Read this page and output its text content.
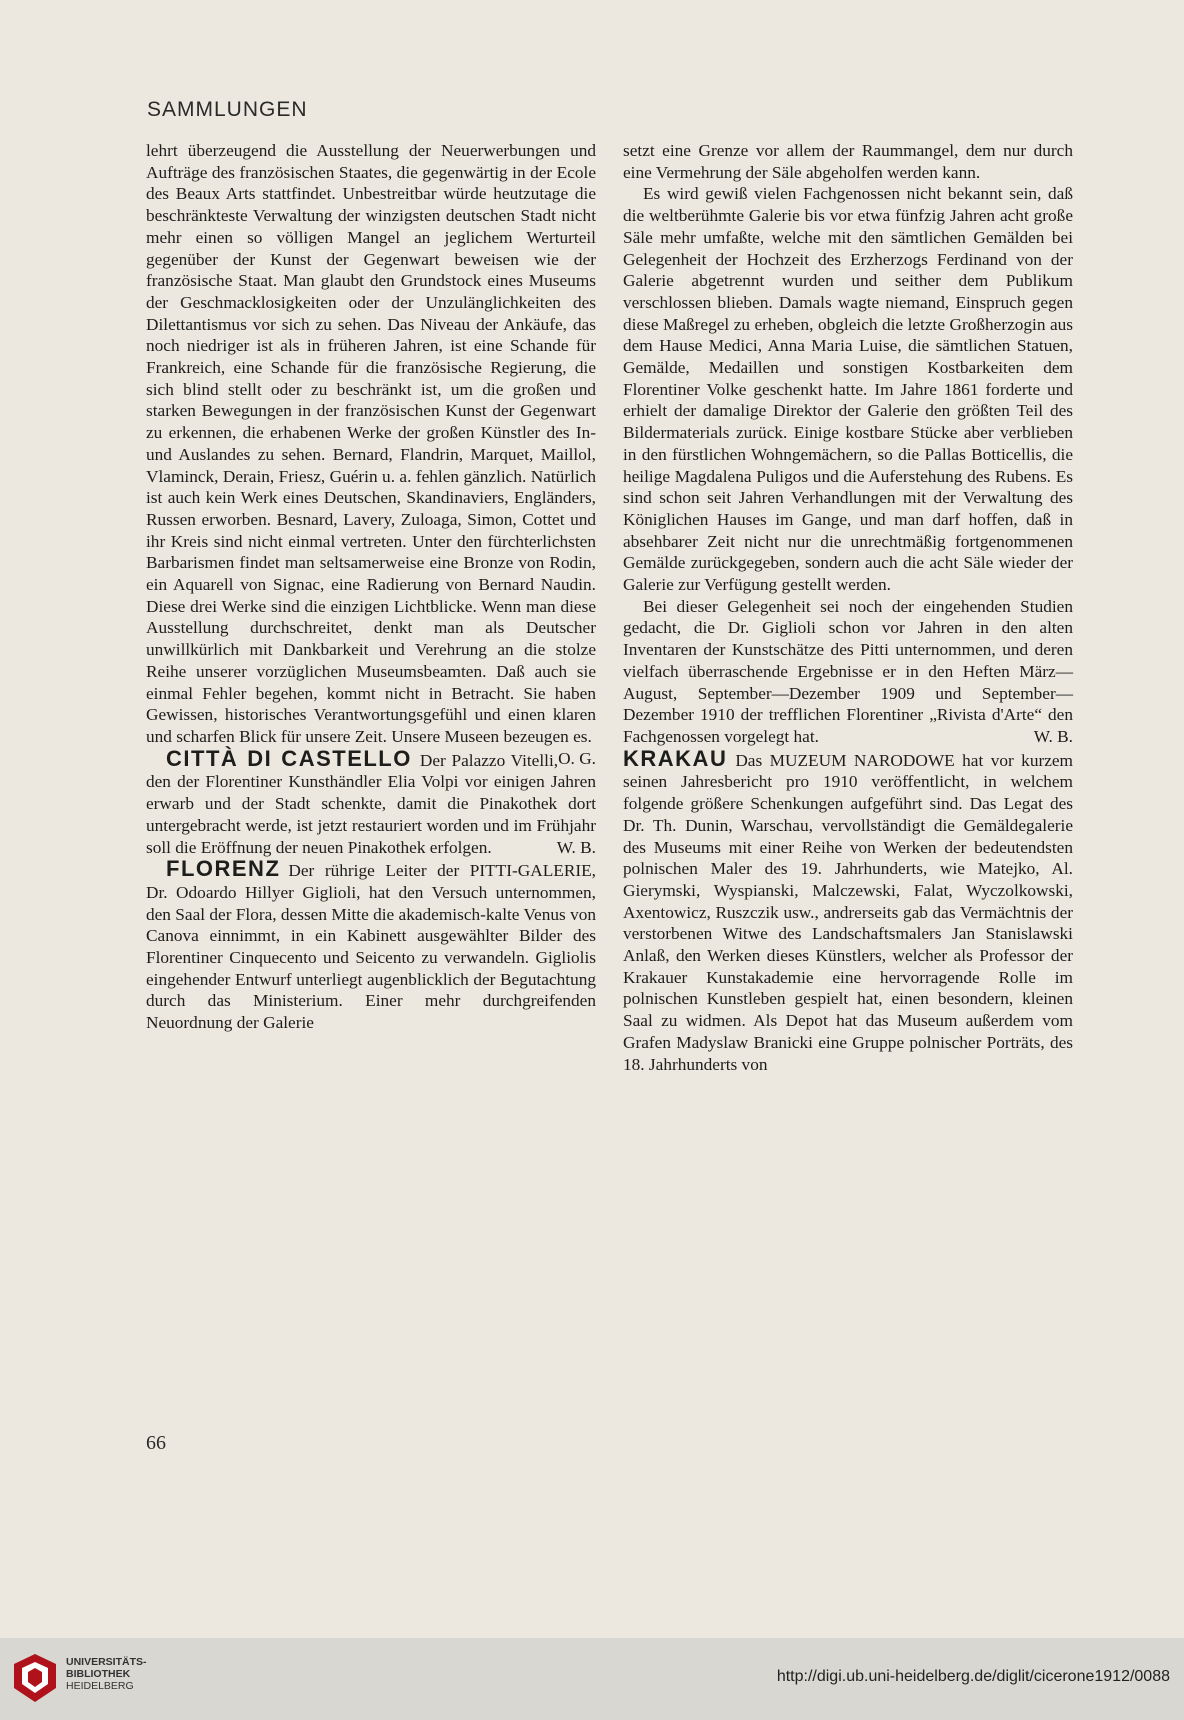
SAMMLUNGEN

lehrt überzeugend die Ausstellung der Neuerwerbungen und Aufträge des französischen Staates, die gegenwärtig in der Ecole des Beaux Arts stattfindet. Unbestreitbar würde heutzutage die beschränkteste Verwaltung der winzigsten deutschen Stadt nicht mehr einen so völligen Mangel an jeglichem Werturteil gegenüber der Kunst der Gegenwart beweisen wie der französische Staat. Man glaubt den Grundstock eines Museums der Geschmacklosigkeiten oder der Unzulänglichkeiten des Dilettantismus vor sich zu sehen. Das Niveau der Ankäufe, das noch niedriger ist als in früheren Jahren, ist eine Schande für Frankreich, eine Schande für die französische Regierung, die sich blind stellt oder zu beschränkt ist, um die großen und starken Bewegungen in der französischen Kunst der Gegenwart zu erkennen, die erhabenen Werke der großen Künstler des In- und Auslandes zu sehen. Bernard, Flandrin, Marquet, Maillol, Vlaminck, Derain, Friesz, Guérin u. a. fehlen gänzlich. Natürlich ist auch kein Werk eines Deutschen, Skandinaviers, Engländers, Russen erworben. Besnard, Lavery, Zuloaga, Simon, Cottet und ihr Kreis sind nicht einmal vertreten. Unter den fürchterlichsten Barbarismen findet man seltsamerweise eine Bronze von Rodin, ein Aquarell von Signac, eine Radierung von Bernard Naudin. Diese drei Werke sind die einzigen Lichtblicke. Wenn man diese Ausstellung durchschreitet, denkt man als Deutscher unwillkürlich mit Dankbarkeit und Verehrung an die stolze Reihe unserer vorzüglichen Museumsbeamten. Daß auch sie einmal Fehler begehen, kommt nicht in Betracht. Sie haben Gewissen, historisches Verantwortungsgefühl und einen klaren und scharfen Blick für unsere Zeit. Unsere Museen bezeugen es.
O. G.

CITTÀ DI CASTELLO Der Palazzo Vitelli, den der Florentiner Kunsthändler Elia Volpi vor einigen Jahren erwarb und der Stadt schenkte, damit die Pinakothek dort untergebracht werde, ist jetzt restauriert worden und im Frühjahr soll die Eröffnung der neuen Pinakothek erfolgen.	W. B.

FLORENZ Der rührige Leiter der PITTI-GALERIE, Dr. Odoardo Hillyer Giglioli, hat den Versuch unternommen, den Saal der Flora, dessen Mitte die akademisch-kalte Venus von Canova einnimmt, in ein Kabinett ausgewählter Bilder des Florentiner Cinquecento und Seicento zu verwandeln. Gigliolis eingehender Entwurf unterliegt augenblicklich der Begutachtung durch das Ministerium. Einer mehr durchgreifenden Neuordnung der Galerie

setzt eine Grenze vor allem der Raummangel, dem nur durch eine Vermehrung der Säle abgeholfen werden kann.

Es wird gewiß vielen Fachgenossen nicht bekannt sein, daß die weltberühmte Galerie bis vor etwa fünfzig Jahren acht große Säle mehr umfaßte, welche mit den sämtlichen Gemälden bei Gelegenheit der Hochzeit des Erzherzogs Ferdinand von der Galerie abgetrennt wurden und seither dem Publikum verschlossen blieben. Damals wagte niemand, Einspruch gegen diese Maßregel zu erheben, obgleich die letzte Großherzogin aus dem Hause Medici, Anna Maria Luise, die sämtlichen Statuen, Gemälde, Medaillen und sonstigen Kostbarkeiten dem Florentiner Volke geschenkt hatte. Im Jahre 1861 forderte und erhielt der damalige Direktor der Galerie den größten Teil des Bildermaterials zurück. Einige kostbare Stücke aber verblieben in den fürstlichen Wohngemächern, so die Pallas Botticellis, die heilige Magdalena Puligos und die Auferstehung des Rubens. Es sind schon seit Jahren Verhandlungen mit der Verwaltung des Königlichen Hauses im Gange, und man darf hoffen, daß in absehbarer Zeit nicht nur die unrechtmäßig fortgenommenen Gemälde zurückgegeben, sondern auch die acht Säle wieder der Galerie zur Verfügung gestellt werden.

Bei dieser Gelegenheit sei noch der eingehenden Studien gedacht, die Dr. Giglioli schon vor Jahren in den alten Inventaren der Kunstschätze des Pitti unternommen, und deren vielfach überraschende Ergebnisse er in den Heften März—August, September—Dezember 1909 und September—Dezember 1910 der trefflichen Florentiner „Rivista d'Arte“ den Fachgenossen vorgelegt hat.	W. B.

KRAKAU Das MUZEUM NARODOWE hat vor kurzem seinen Jahresbericht pro 1910 veröffentlicht, in welchem folgende größere Schenkungen aufgeführt sind. Das Legat des Dr. Th. Dunin, Warschau, vervollständigt die Gemäldegalerie des Museums mit einer Reihe von Werken der bedeutendsten polnischen Maler des 19. Jahrhunderts, wie Matejko, Al. Gierymski, Wyspianski, Malczewski, Falat, Wyczolkowski, Axentowicz, Ruszczik usw., andrerseits gab das Vermächtnis der verstorbenen Witwe des Landschaftsmalers Jan Stanislawski Anlaß, den Werken dieses Künstlers, welcher als Professor der Krakauer Kunstakademie eine hervorragende Rolle im polnischen Kunstleben gespielt hat, einen besondern, kleinen Saal zu widmen. Als Depot hat das Museum außerdem vom Grafen Madyslaw Branicki eine Gruppe polnischer Porträts, des 18. Jahrhunderts von

66
UNIVERSITÄTS-
BIBLIOTHEK
HEIDELBERG
http://digi.ub.uni-heidelberg.de/diglit/cicerone1912/0088
